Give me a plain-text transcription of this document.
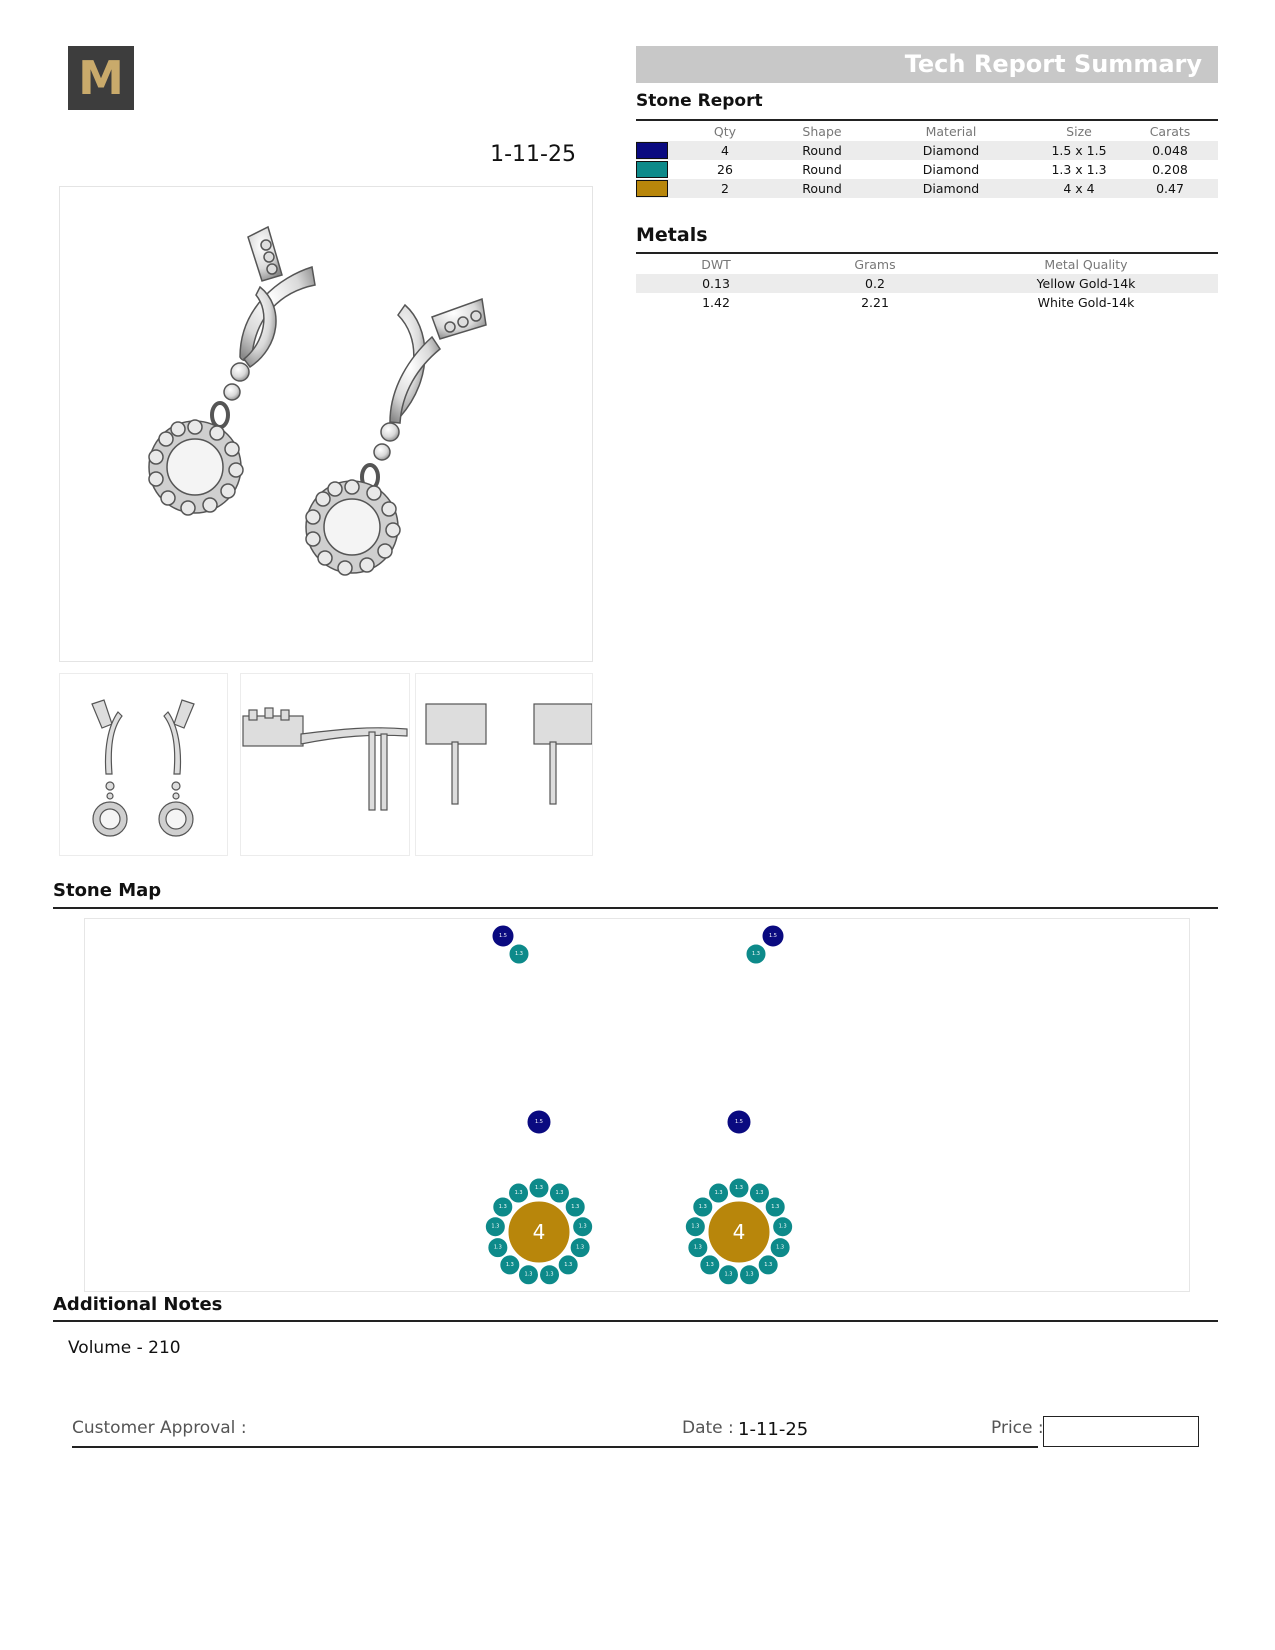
M
1-11-25
Tech Report Summary
Stone Report
	Qty	Shape	Material	Size	Carats

	4	Round	Diamond	1.5 x 1.5	0.048

	26	Round	Diamond	1.3 x 1.3	0.208

	2	Round	Diamond	4 x 4	0.47
Metals
DWT	Grams	Metal Quality
0.13	0.2	Yellow Gold-14k
1.42	2.21	White Gold-14k
Stone Map
1.5
1.3
1.5
1.3
1.5	1.5
1.3
1.3
1.3
1.3
1.3
1.3
1.3
1.3
1.3
1.3
1.3
1.3
1.3
4
1.3
1.3
1.3
1.3
1.3
1.3
1.3
1.3
1.3
1.3
1.3
1.3
1.3
4
Additional Notes
Volume - 210
Customer Approval :	Date : 1-11-25	Price :
